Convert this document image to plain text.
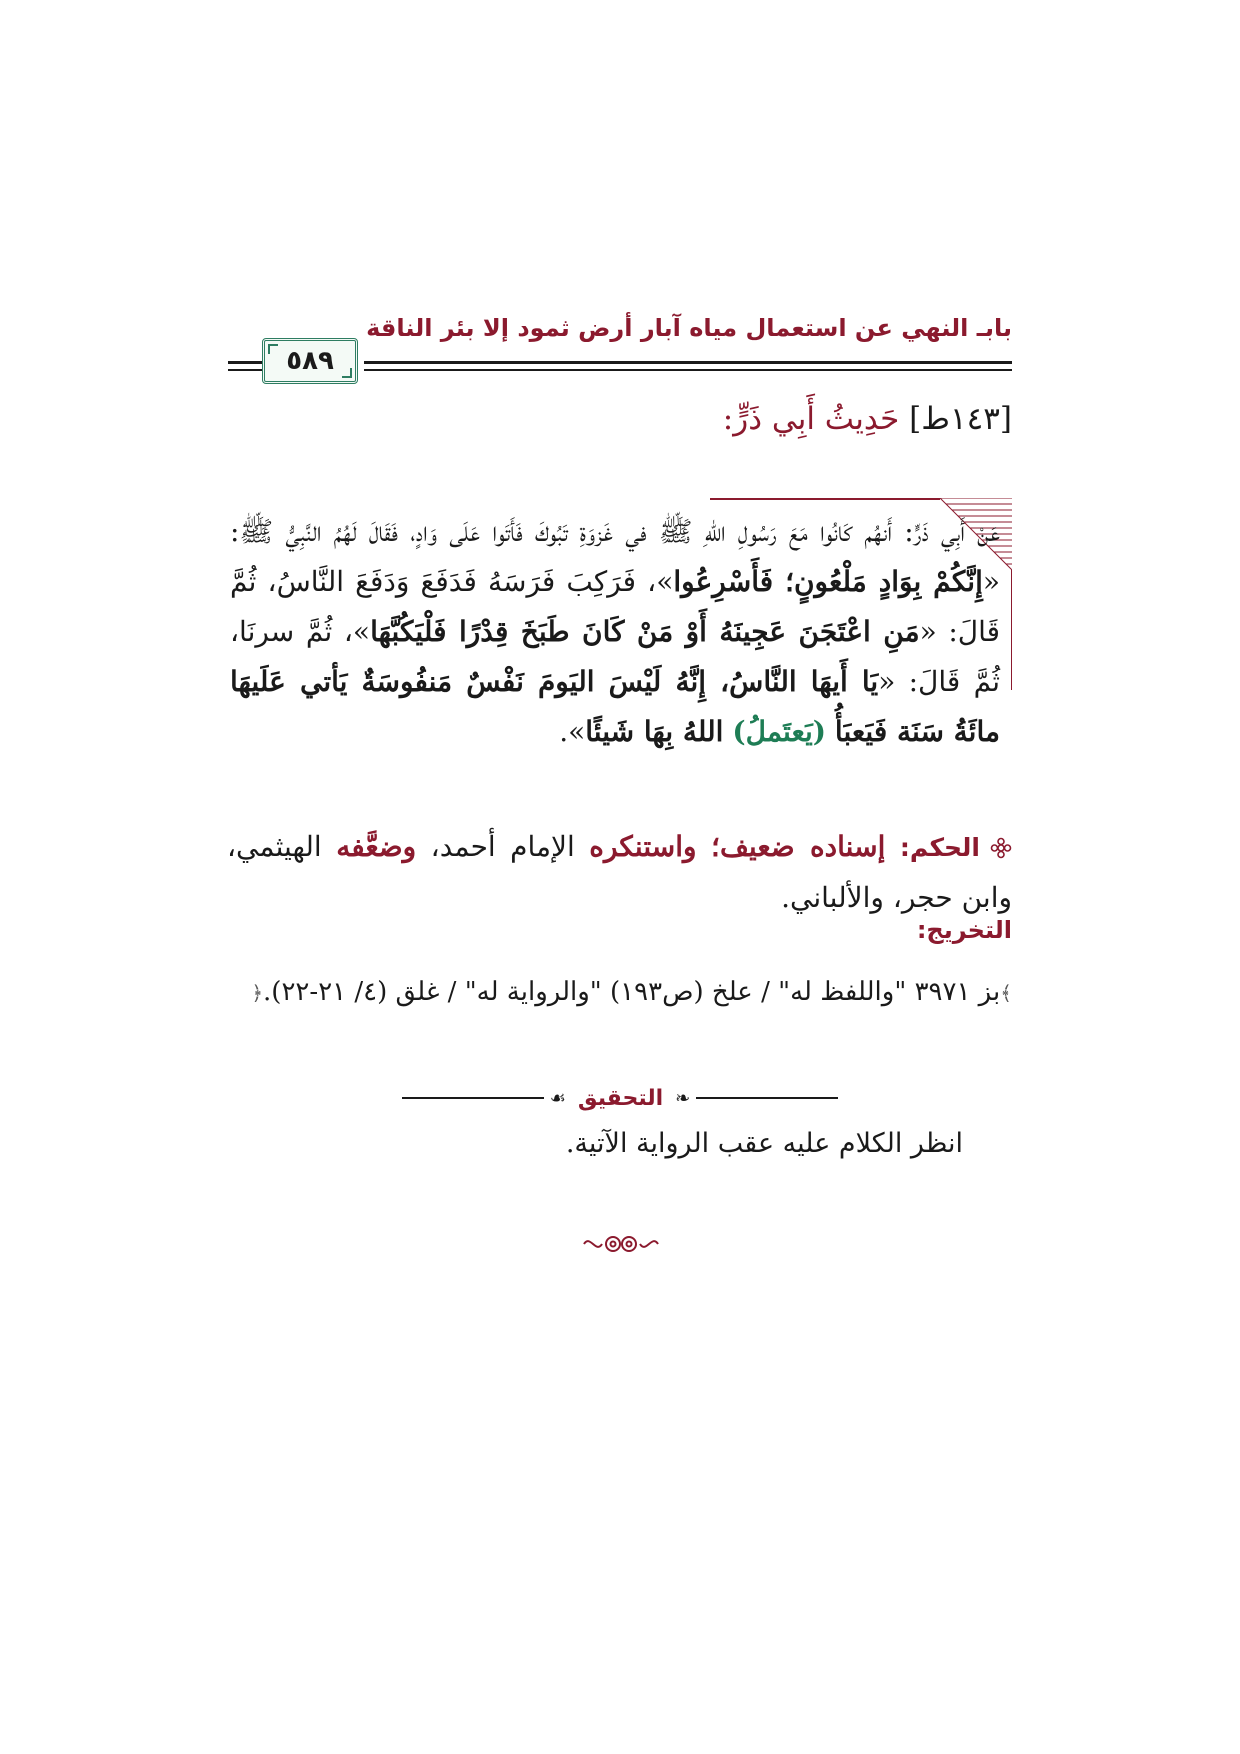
بابـ النهي عن استعمال مياه آبار أرض ثمود إلا بئر الناقة
٥٨٩
[١٤٣ط] حَدِيثُ أَبِي ذَرٍّ:
عَنْ أَبِي ذَرٍّ: أَنهُم كَانُوا مَعَ رَسُولِ اللهِ ﷺ في غَزوَةِ تَبُوكَ فَأَتَوا عَلَى وَادٍ، فَقَالَ لَهُمُ النَّبِيُّ ﷺ: «إِنَّكُمْ بِوَادٍ مَلْعُونٍ؛ فَأَسْرِعُوا»، فَرَكِبَ فَرَسَهُ فَدَفَعَ وَدَفَعَ النَّاسُ، ثُمَّ قَالَ: «مَنِ اعْتَجَنَ عَجِينَهُ أَوْ مَنْ كَانَ طَبَخَ قِدْرًا فَلْيَكُبَّهَا»، ثُمَّ سرنَا، ثُمَّ قَالَ: «يَا أَيهَا النَّاسُ، إِنَّهُ لَيْسَ اليَومَ نَفْسٌ مَنفُوسَةٌ يَأتي عَلَيهَا مائَةُ سَنَة فَيَعبَأُ (يَعتَملُ) اللهُ بِهَا شَيئًا».
الحكم: إسناده ضعيف؛ واستنكره الإمام أحمد، وضعَّفه الهيثمي، وابن حجر، والألباني.
التخريج:
﴾بز ٣٩٧١ "واللفظ له" / علخ (ص١٩٣) "والرواية له" / غلق (٤/ ٢١-٢٢).﴿
❧
التحقيق
☙
انظر الكلام عليه عقب الرواية الآتية.
